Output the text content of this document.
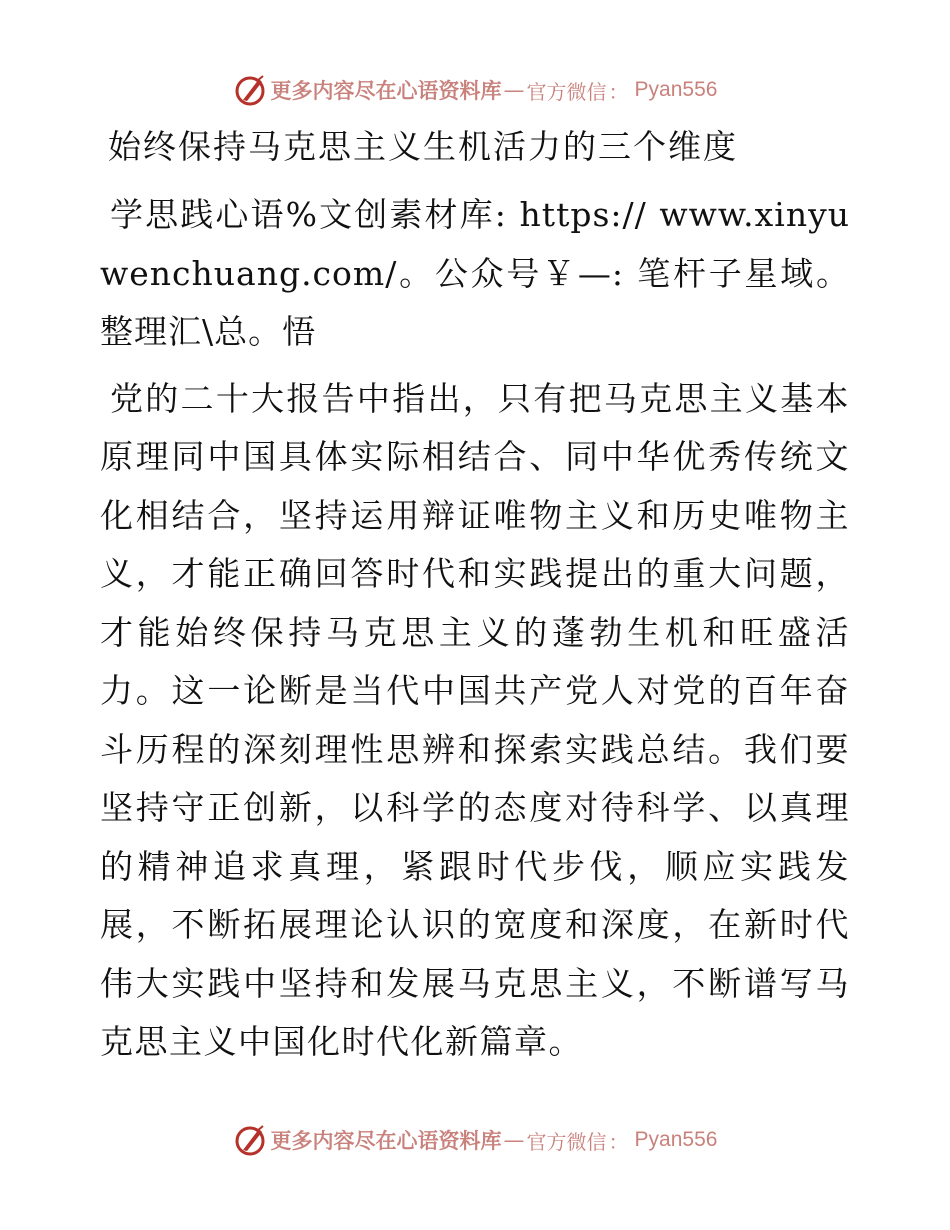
更多内容尽在心语资料库 — 官方微信 ： Pyan556
始终保持马克思主义生机活力的三个维度
学思践心语%文创素材库: https:// www.xinyuwenchuang.com/。公众号￥—: 笔杆子星域。整理汇\总。悟
党的二十大报告中指出，只有把马克思主义基本原理同中国具体实际相结合、同中华优秀传统文化相结合，坚持运用辩证唯物主义和历史唯物主义，才能正确回答时代和实践提出的重大问题，才能始终保持马克思主义的蓬勃生机和旺盛活力。这一论断是当代中国共产党人对党的百年奋斗历程的深刻理性思辨和探索实践总结。我们要坚持守正创新，以科学的态度对待科学、以真理的精神追求真理，紧跟时代步伐，顺应实践发展，不断拓展理论认识的宽度和深度，在新时代伟大实践中坚持和发展马克思主义，不断谱写马克思主义中国化时代化新篇章。
更多内容尽在心语资料库 — 官方微信 ： Pyan556
